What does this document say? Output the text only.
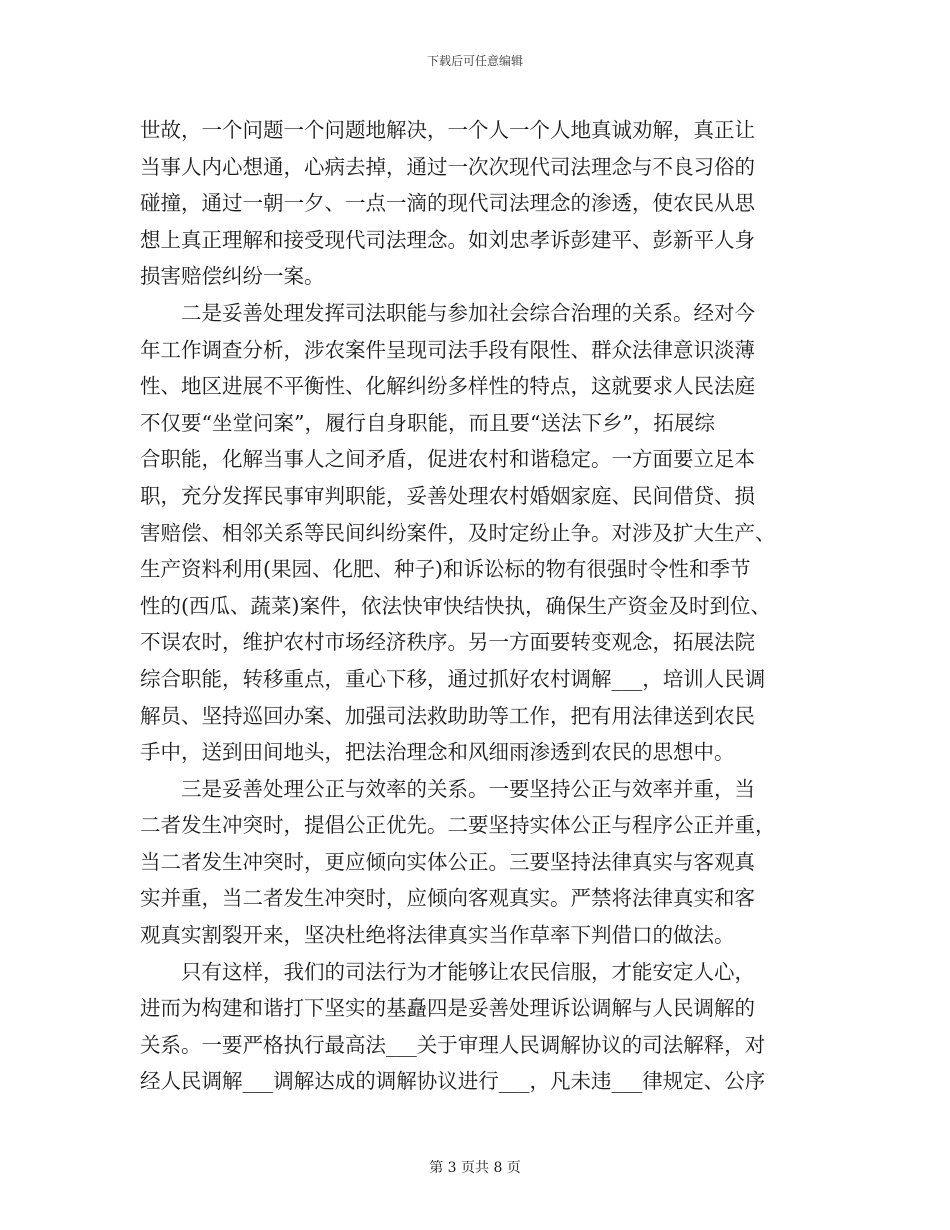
下载后可任意编辑
世故，一个问题一个问题地解决，一个人一个人地真诚劝解，真正让
当事人内心想通，心病去掉，通过一次次现代司法理念与不良习俗的
碰撞，通过一朝一夕、一点一滴的现代司法理念的渗透，使农民从思
想上真正理解和接受现代司法理念。如刘忠孝诉彭建平、彭新平人身
损害赔偿纠纷一案。
　　二是妥善处理发挥司法职能与参加社会综合治理的关系。经对今
年工作调查分析，涉农案件呈现司法手段有限性、群众法律意识淡薄
性、地区进展不平衡性、化解纠纷多样性的特点，这就要求人民法庭
不仅要“坐堂问案”，履行自身职能，而且要“送法下乡”，拓展综
合职能，化解当事人之间矛盾，促进农村和谐稳定。一方面要立足本
职，充分发挥民事审判职能，妥善处理农村婚姻家庭、民间借贷、损
害赔偿、相邻关系等民间纠纷案件，及时定纷止争。对涉及扩大生产、
生产资料利用(果园、化肥、种子)和诉讼标的物有很强时令性和季节
性的(西瓜、蔬菜)案件，依法快审快结快执，确保生产资金及时到位、
不误农时，维护农村市场经济秩序。另一方面要转变观念，拓展法院
综合职能，转移重点，重心下移，通过抓好农村调解___，培训人民调
解员、坚持巡回办案、加强司法救助助等工作，把有用法律送到农民
手中，送到田间地头，把法治理念和风细雨渗透到农民的思想中。
　　三是妥善处理公正与效率的关系。一要坚持公正与效率并重，当
二者发生冲突时，提倡公正优先。二要坚持实体公正与程序公正并重，
当二者发生冲突时，更应倾向实体公正。三要坚持法律真实与客观真
实并重，当二者发生冲突时，应倾向客观真实。严禁将法律真实和客
观真实割裂开来，坚决杜绝将法律真实当作草率下判借口的做法。
　　只有这样，我们的司法行为才能够让农民信服，才能安定人心，
进而为构建和谐打下坚实的基矗四是妥善处理诉讼调解与人民调解的
关系。一要严格执行最高法___关于审理人民调解协议的司法解释，对
经人民调解___调解达成的调解协议进行___，凡未违___律规定、公序
第 3 页共 8 页
